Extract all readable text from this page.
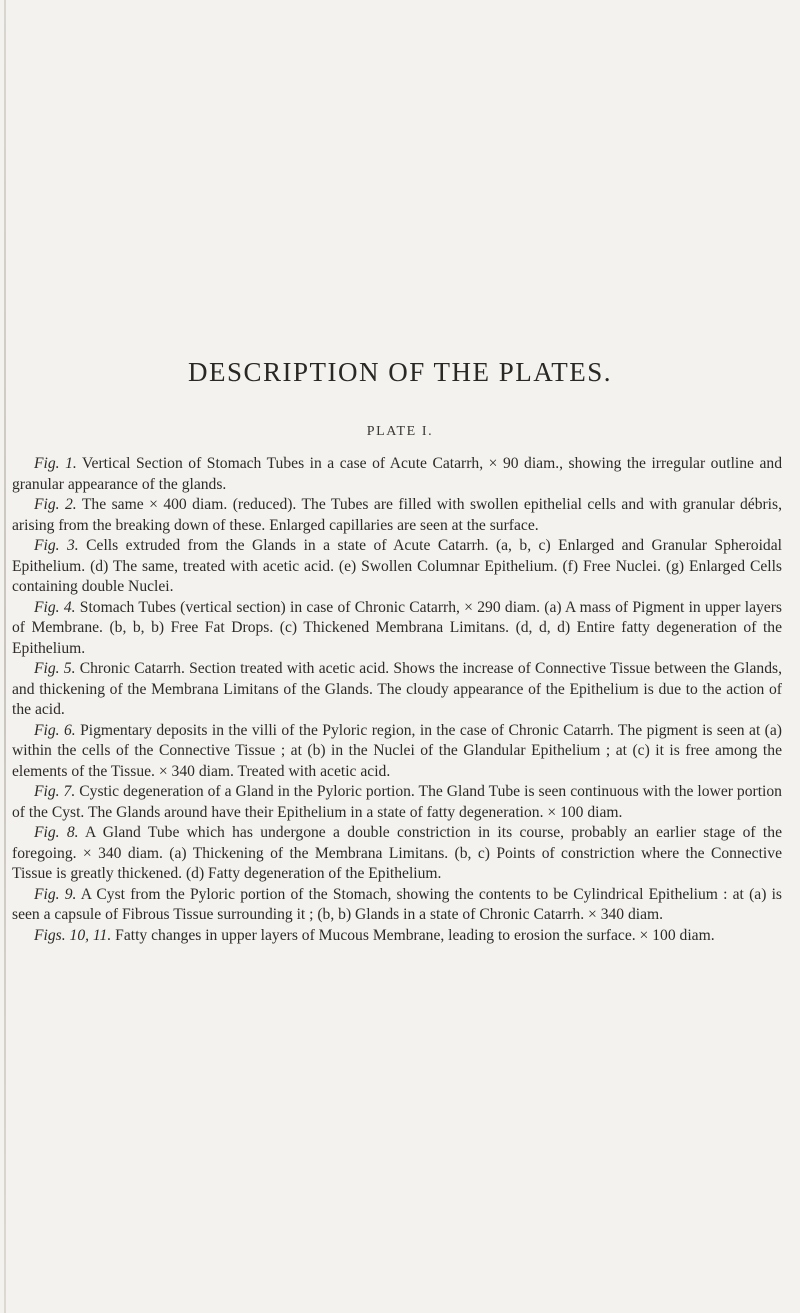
DESCRIPTION OF THE PLATES.
PLATE I.

Fig. 1. Vertical Section of Stomach Tubes in a case of Acute Catarrh, × 90 diam., showing the irregular outline and granular appearance of the glands.

Fig. 2. The same × 400 diam. (reduced). The Tubes are filled with swollen epithelial cells and with granular débris, arising from the breaking down of these. Enlarged capillaries are seen at the surface.

Fig. 3. Cells extruded from the Glands in a state of Acute Catarrh. (a, b, c) Enlarged and Granular Spheroidal Epithelium. (d) The same, treated with acetic acid. (e) Swollen Columnar Epithelium. (f) Free Nuclei. (g) Enlarged Cells containing double Nuclei.

Fig. 4. Stomach Tubes (vertical section) in case of Chronic Catarrh, × 290 diam. (a) A mass of Pigment in upper layers of Membrane. (b, b, b) Free Fat Drops. (c) Thickened Membrana Limitans. (d, d, d) Entire fatty degeneration of the Epithelium.

Fig. 5. Chronic Catarrh. Section treated with acetic acid. Shows the increase of Connective Tissue between the Glands, and thickening of the Membrana Limitans of the Glands. The cloudy appearance of the Epithelium is due to the action of the acid.

Fig. 6. Pigmentary deposits in the villi of the Pyloric region, in the case of Chronic Catarrh. The pigment is seen at (a) within the cells of the Connective Tissue ; at (b) in the Nuclei of the Glandular Epithelium ; at (c) it is free among the elements of the Tissue. × 340 diam. Treated with acetic acid.

Fig. 7. Cystic degeneration of a Gland in the Pyloric portion. The Gland Tube is seen continuous with the lower portion of the Cyst. The Glands around have their Epithelium in a state of fatty degeneration. × 100 diam.

Fig. 8. A Gland Tube which has undergone a double constriction in its course, probably an earlier stage of the foregoing. × 340 diam. (a) Thickening of the Membrana Limitans. (b, c) Points of constriction where the Connective Tissue is greatly thickened. (d) Fatty degeneration of the Epithelium.

Fig. 9. A Cyst from the Pyloric portion of the Stomach, showing the contents to be Cylindrical Epithelium : at (a) is seen a capsule of Fibrous Tissue surrounding it ; (b, b) Glands in a state of Chronic Catarrh. × 340 diam.

Figs. 10, 11. Fatty changes in upper layers of Mucous Membrane, leading to erosion the surface. × 100 diam.
